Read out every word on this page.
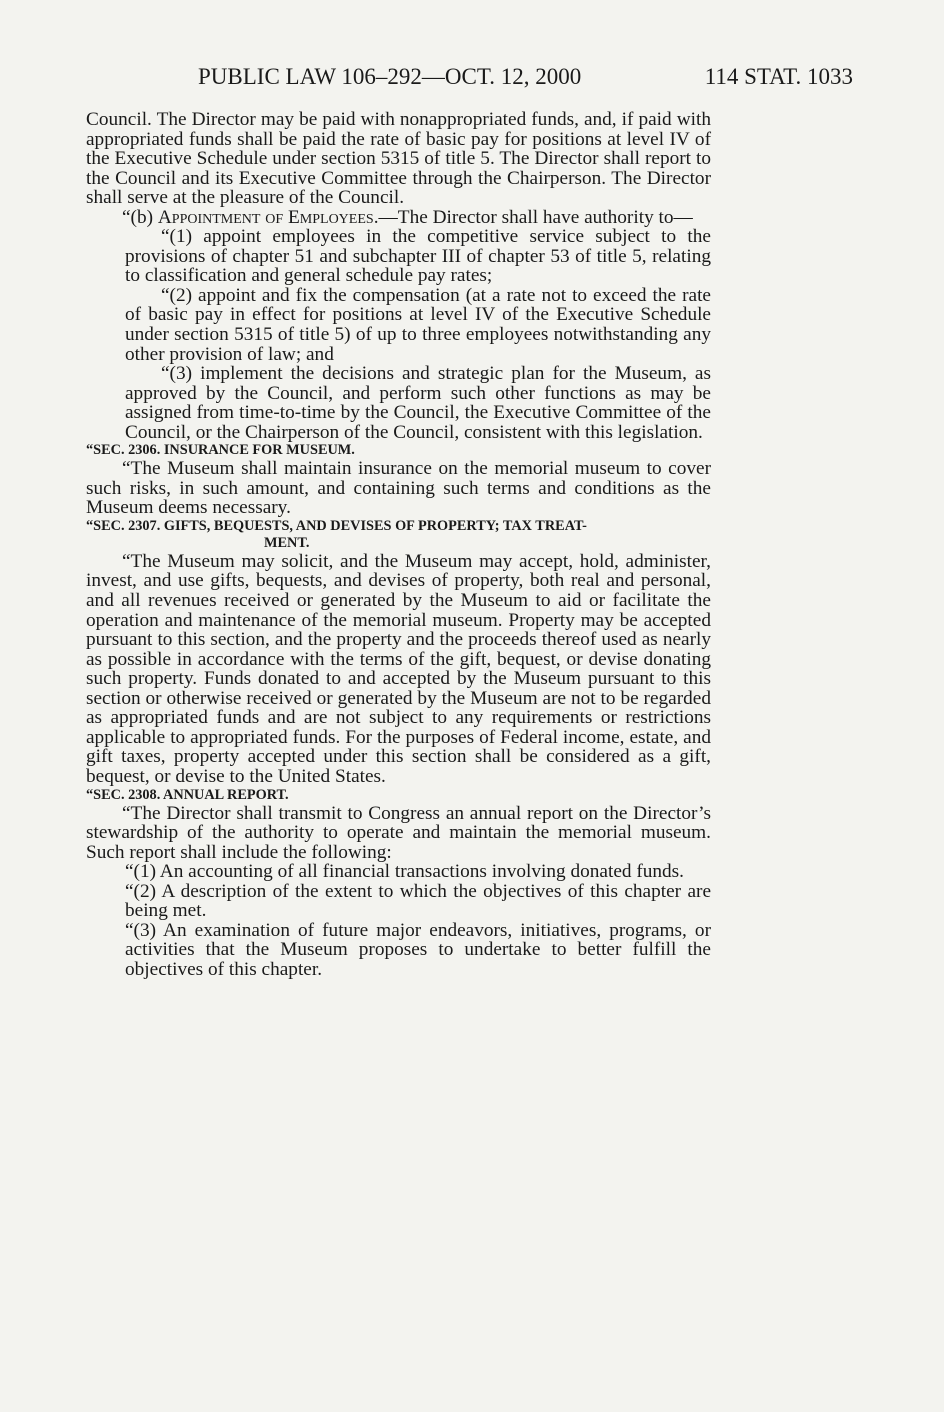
PUBLIC LAW 106–292—OCT. 12, 2000	114 STAT. 1033

Council. The Director may be paid with nonappropriated funds, and, if paid with appropriated funds shall be paid the rate of basic pay for positions at level IV of the Executive Schedule under section 5315 of title 5. The Director shall report to the Council and its Executive Committee through the Chairperson. The Director shall serve at the pleasure of the Council.

“(b) Appointment of Employees.—The Director shall have authority to—

“(1) appoint employees in the competitive service subject to the provisions of chapter 51 and subchapter III of chapter 53 of title 5, relating to classification and general schedule pay rates;

“(2) appoint and fix the compensation (at a rate not to exceed the rate of basic pay in effect for positions at level IV of the Executive Schedule under section 5315 of title 5) of up to three employees notwithstanding any other provision of law; and

“(3) implement the decisions and strategic plan for the Museum, as approved by the Council, and perform such other functions as may be assigned from time-to-time by the Council, the Executive Committee of the Council, or the Chairperson of the Council, consistent with this legislation.

“SEC. 2306. INSURANCE FOR MUSEUM.

“The Museum shall maintain insurance on the memorial museum to cover such risks, in such amount, and containing such terms and conditions as the Museum deems necessary.

“SEC. 2307. GIFTS, BEQUESTS, AND DEVISES OF PROPERTY; TAX TREAT-
MENT.

“The Museum may solicit, and the Museum may accept, hold, administer, invest, and use gifts, bequests, and devises of property, both real and personal, and all revenues received or generated by the Museum to aid or facilitate the operation and maintenance of the memorial museum. Property may be accepted pursuant to this section, and the property and the proceeds thereof used as nearly as possible in accordance with the terms of the gift, bequest, or devise donating such property. Funds donated to and accepted by the Museum pursuant to this section or otherwise received or generated by the Museum are not to be regarded as appropriated funds and are not subject to any requirements or restrictions applicable to appropriated funds. For the purposes of Federal income, estate, and gift taxes, property accepted under this section shall be considered as a gift, bequest, or devise to the United States.

“SEC. 2308. ANNUAL REPORT.

“The Director shall transmit to Congress an annual report on the Director’s stewardship of the authority to operate and maintain the memorial museum. Such report shall include the following:

“(1) An accounting of all financial transactions involving donated funds.

“(2) A description of the extent to which the objectives of this chapter are being met.

“(3) An examination of future major endeavors, initiatives, programs, or activities that the Museum proposes to undertake to better fulfill the objectives of this chapter.
